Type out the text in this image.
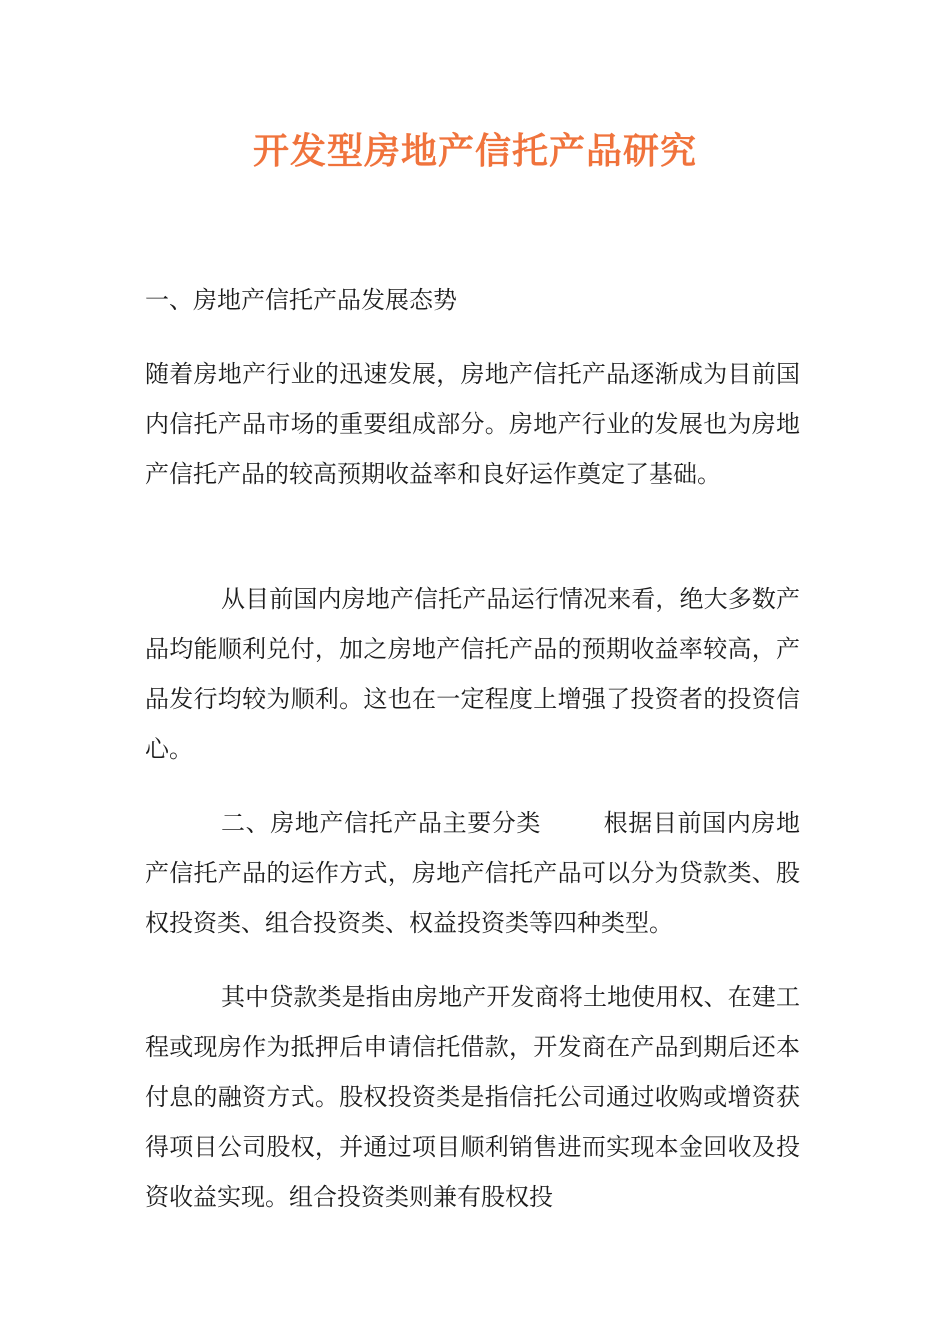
开发型房地产信托产品研究

一、房地产信托产品发展态势

随着房地产行业的迅速发展，房地产信托产品逐渐成为目前国内信托产品市场的重要组成部分。房地产行业的发展也为房地产信托产品的较高预期收益率和良好运作奠定了基础。

从目前国内房地产信托产品运行情况来看，绝大多数产品均能顺利兑付，加之房地产信托产品的预期收益率较高，产品发行均较为顺利。这也在一定程度上增强了投资者的投资信心。

二、房地产信托产品主要分类	根据目前国内房地产信托产品的运作方式，房地产信托产品可以分为贷款类、股权投资类、组合投资类、权益投资类等四种类型。

其中贷款类是指由房地产开发商将土地使用权、在建工程或现房作为抵押后申请信托借款，开发商在产品到期后还本付息的融资方式。股权投资类是指信托公司通过收购或增资获得项目公司股权，并通过项目顺利销售进而实现本金回收及投资收益实现。组合投资类则兼有股权投
